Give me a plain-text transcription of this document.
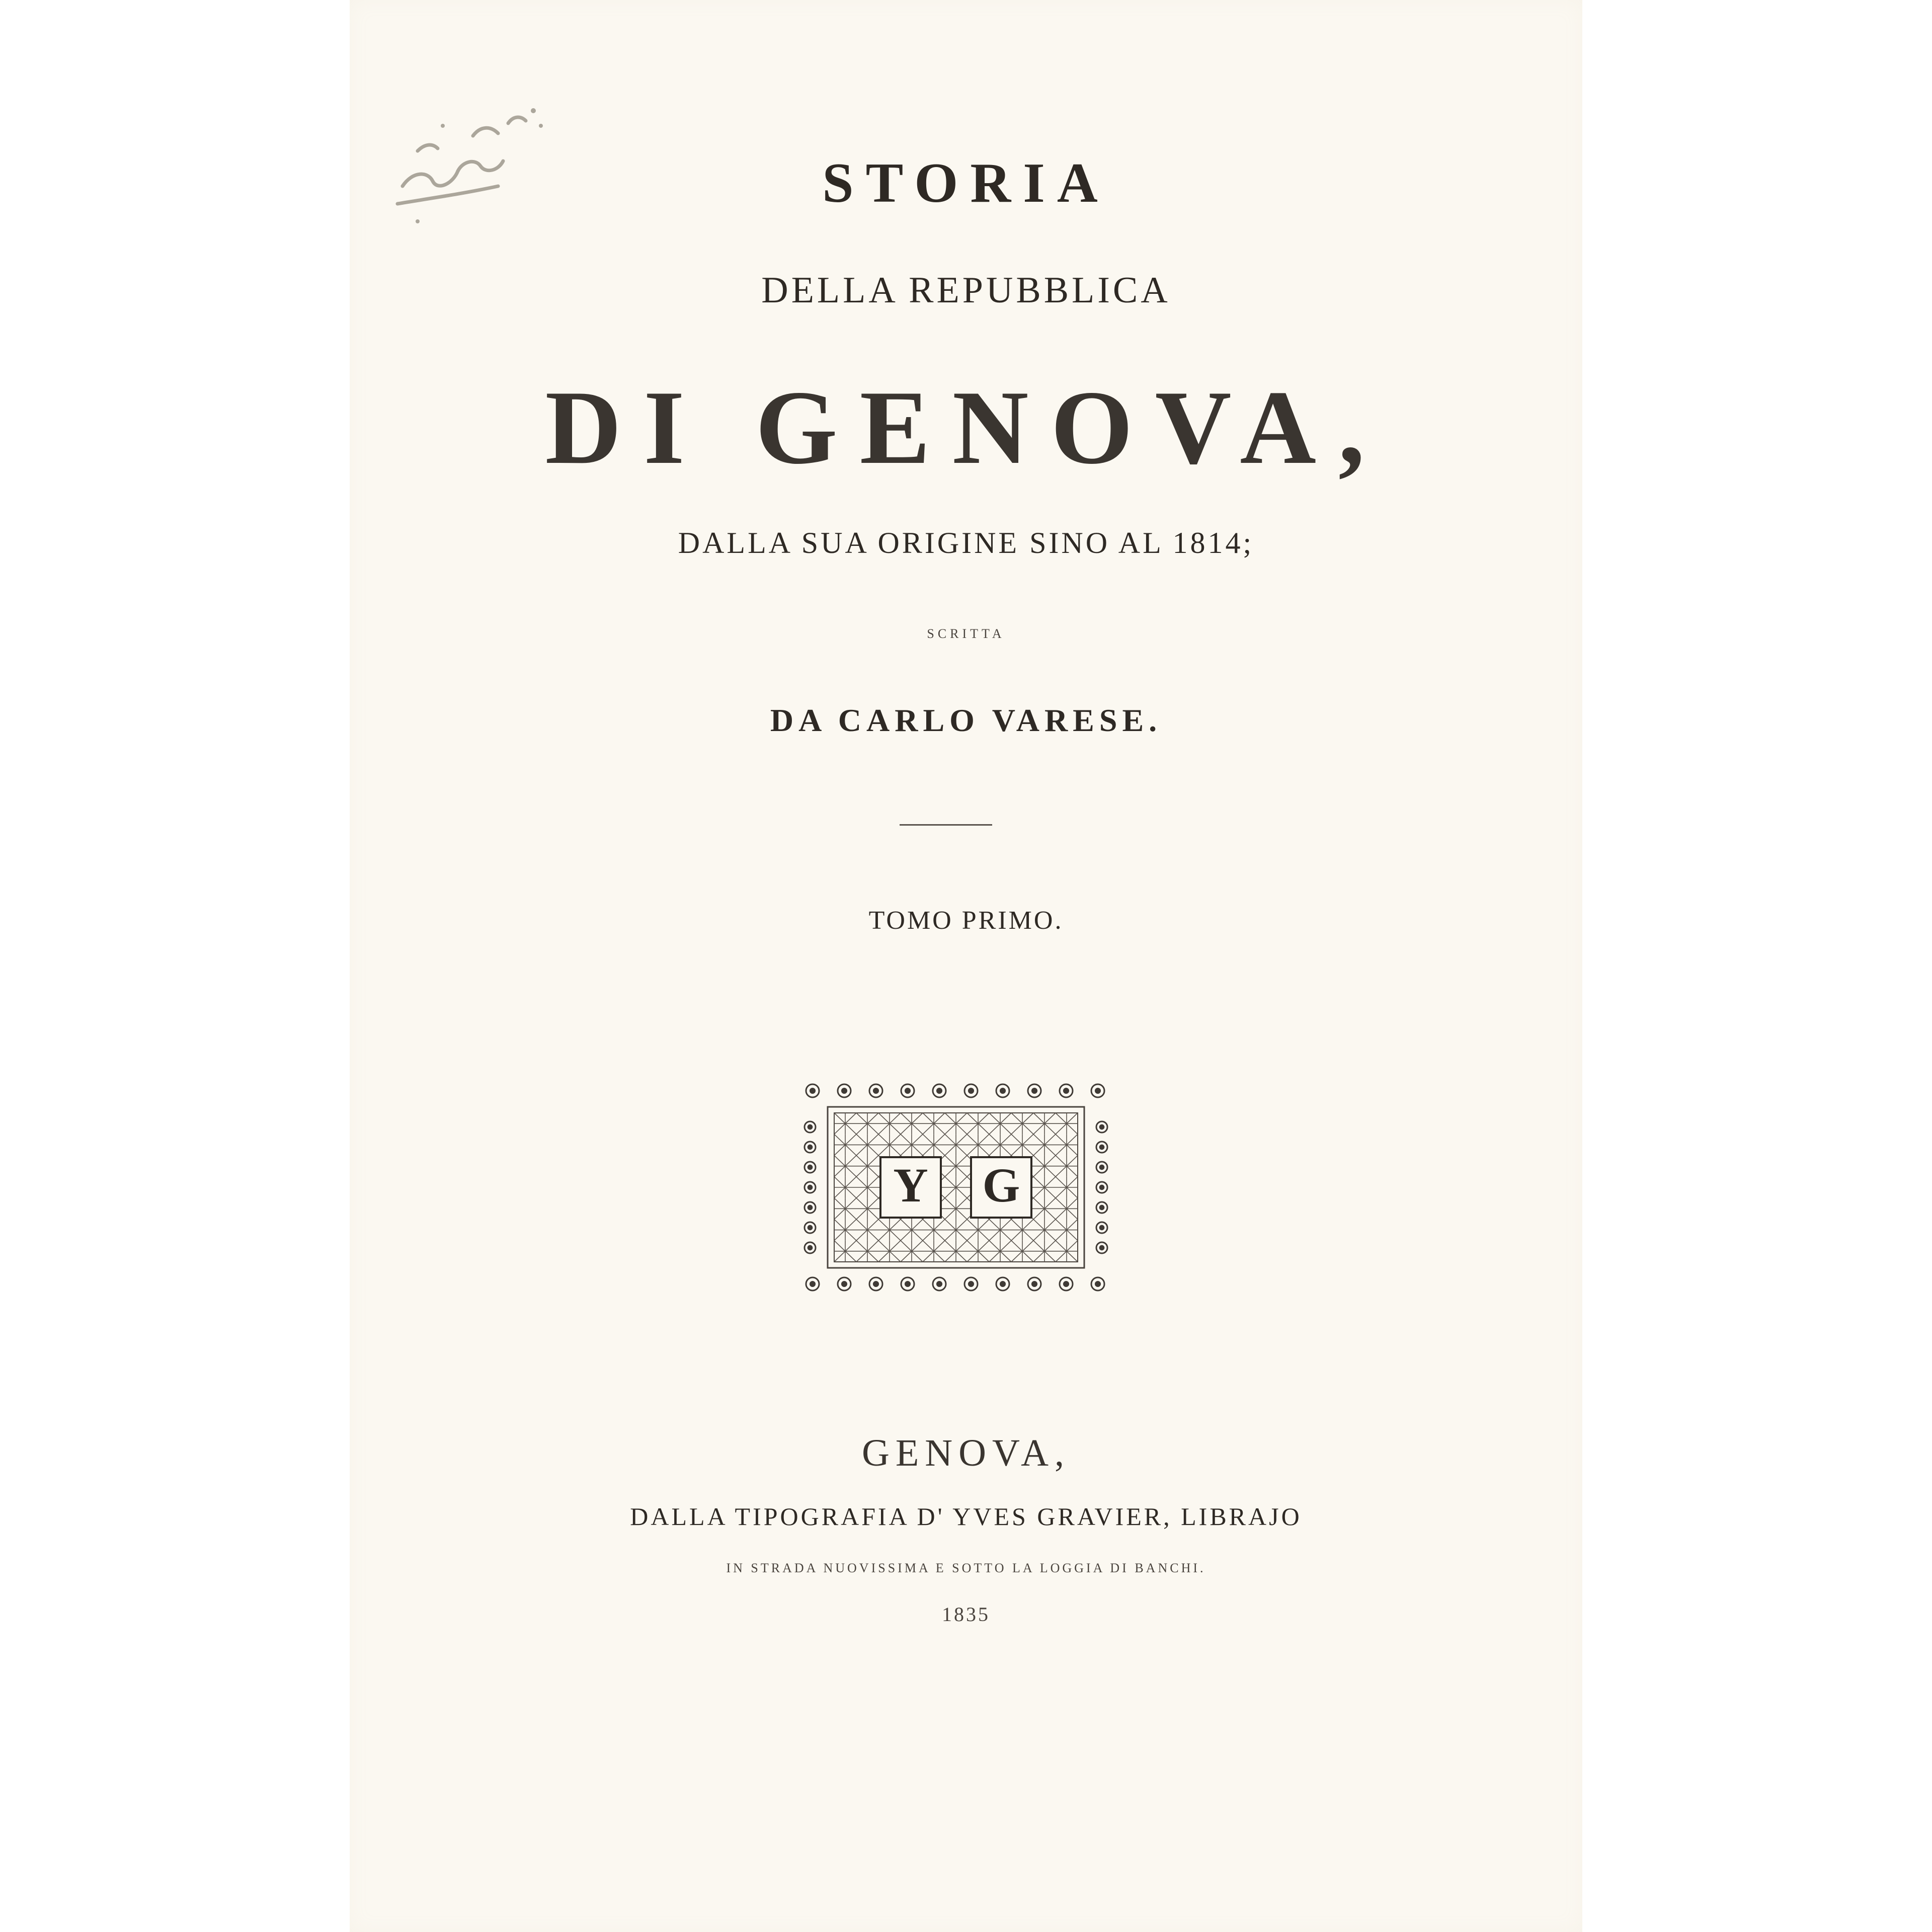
STORIA
DELLA REPUBBLICA
DI GENOVA,
DALLA SUA ORIGINE SINO AL 1814;
SCRITTA
DA CARLO VARESE.
TOMO PRIMO.
Y G
GENOVA,
DALLA TIPOGRAFIA D' YVES GRAVIER, LIBRAJO
IN STRADA NUOVISSIMA E SOTTO LA LOGGIA DI BANCHI.
1835
